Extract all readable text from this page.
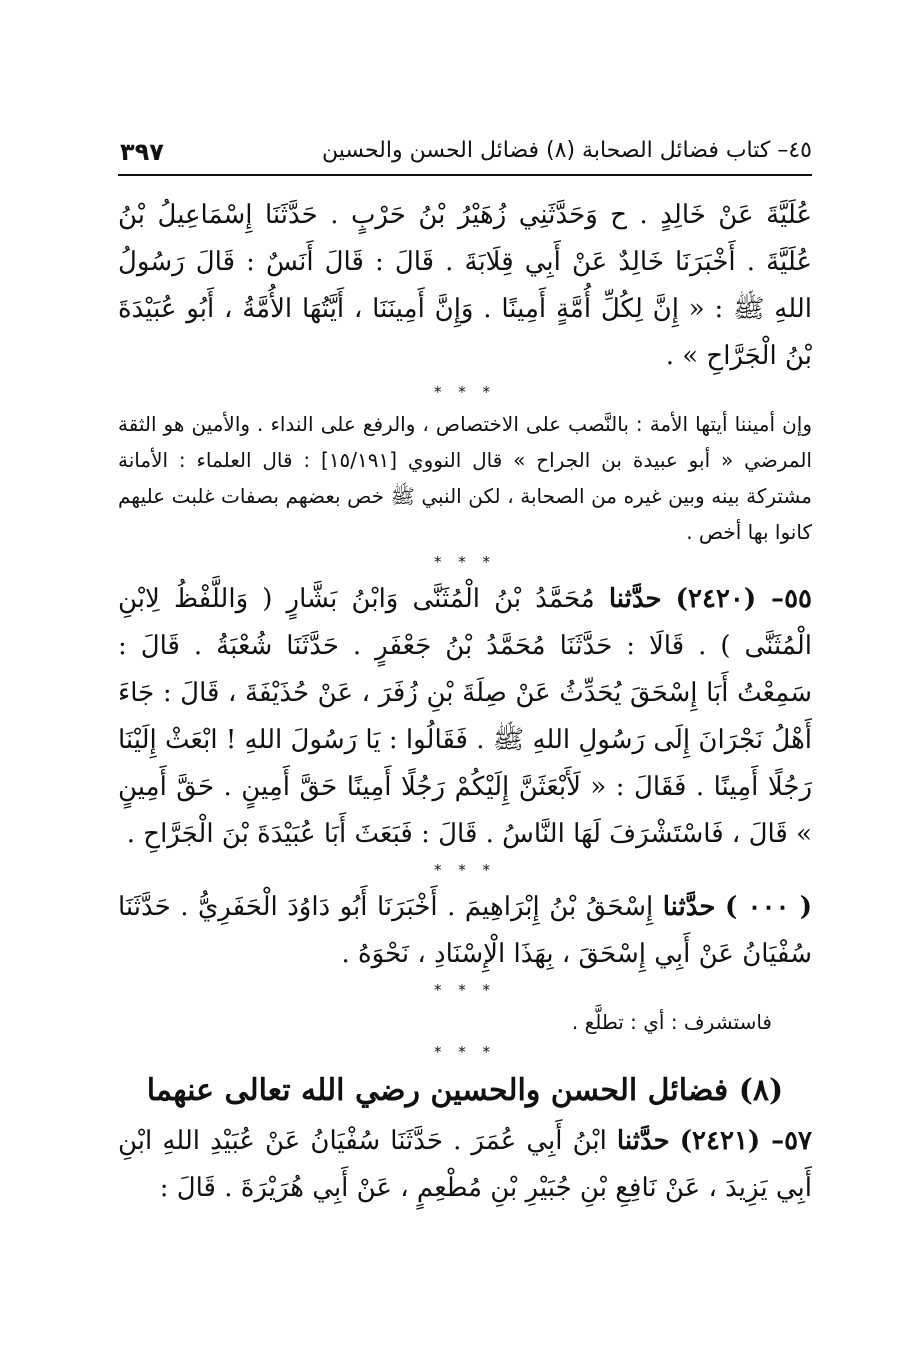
٤٥– كتاب فضائل الصحابة (٨) فضائل الحسن والحسين
٣٩٧
عُلَيَّةَ عَنْ خَالِدٍ . ح وَحَدَّثَنِي زُهَيْرُ بْنُ حَرْبٍ . حَدَّثَنَا إِسْمَاعِيلُ بْنُ عُلَيَّةَ . أَخْبَرَنَا خَالِدٌ عَنْ أَبِي قِلَابَةَ . قَالَ : قَالَ أَنَسٌ : قَالَ رَسُولُ اللهِ ﷺ : « إِنَّ لِكُلِّ أُمَّةٍ أَمِينًا . وَإِنَّ أَمِينَنَا ، أَيَّتُهَا الأُمَّةُ ، أَبُو عُبَيْدَةَ بْنُ الْجَرَّاحِ » .
* * *
وإن أميننا أيتها الأمة : بالنَّصب على الاختصاص ، والرفع على النداء . والأمين هو الثقة المرضي « أبو عبيدة بن الجراح » قال النووي [١٥/١٩١] : قال العلماء : الأمانة مشتركة بينه وبين غيره من الصحابة ، لكن النبي ﷺ خص بعضهم بصفات غلبت عليهم كانوا بها أخص .
* * *
٥٥– (٢٤٢٠) حدَّثنا مُحَمَّدُ بْنُ الْمُثَنَّى وَابْنُ بَشَّارٍ ( وَاللَّفْظُ لِابْنِ الْمُثَنَّى ) . قَالَا : حَدَّثَنَا مُحَمَّدُ بْنُ جَعْفَرٍ . حَدَّثَنَا شُعْبَةُ . قَالَ : سَمِعْتُ أَبَا إِسْحَقَ يُحَدِّثُ عَنْ صِلَةَ بْنِ زُفَرَ ، عَنْ حُذَيْفَةَ ، قَالَ : جَاءَ أَهْلُ نَجْرَانَ إِلَى رَسُولِ اللهِ ﷺ . فَقَالُوا : يَا رَسُولَ اللهِ ! ابْعَثْ إِلَيْنَا رَجُلًا أَمِينًا . فَقَالَ : « لَأَبْعَثَنَّ إِلَيْكُمْ رَجُلًا أَمِينًا حَقَّ أَمِينٍ . حَقَّ أَمِينٍ » قَالَ ، فَاسْتَشْرَفَ لَهَا النَّاسُ . قَالَ : فَبَعَثَ أَبَا عُبَيْدَةَ بْنَ الْجَرَّاحِ .
* * *
( ٠٠٠ ) حدَّثنا إِسْحَقُ بْنُ إِبْرَاهِيمَ . أَخْبَرَنَا أَبُو دَاوُدَ الْحَفَرِيُّ . حَدَّثَنَا سُفْيَانُ عَنْ أَبِي إِسْحَقَ ، بِهَذَا الْإِسْنَادِ ، نَحْوَهُ .
* * *
فاستشرف : أي : تطلَّع .
* * *
(٨) فضائل الحسن والحسين رضي الله تعالى عنهما
٥٧– (٢٤٢١) حدَّثنا ابْنُ أَبِي عُمَرَ . حَدَّثَنَا سُفْيَانُ عَنْ عُبَيْدِ اللهِ ابْنِ أَبِي يَزِيدَ ، عَنْ نَافِعِ بْنِ جُبَيْرِ بْنِ مُطْعِمٍ ، عَنْ أَبِي هُرَيْرَةَ . قَالَ :
